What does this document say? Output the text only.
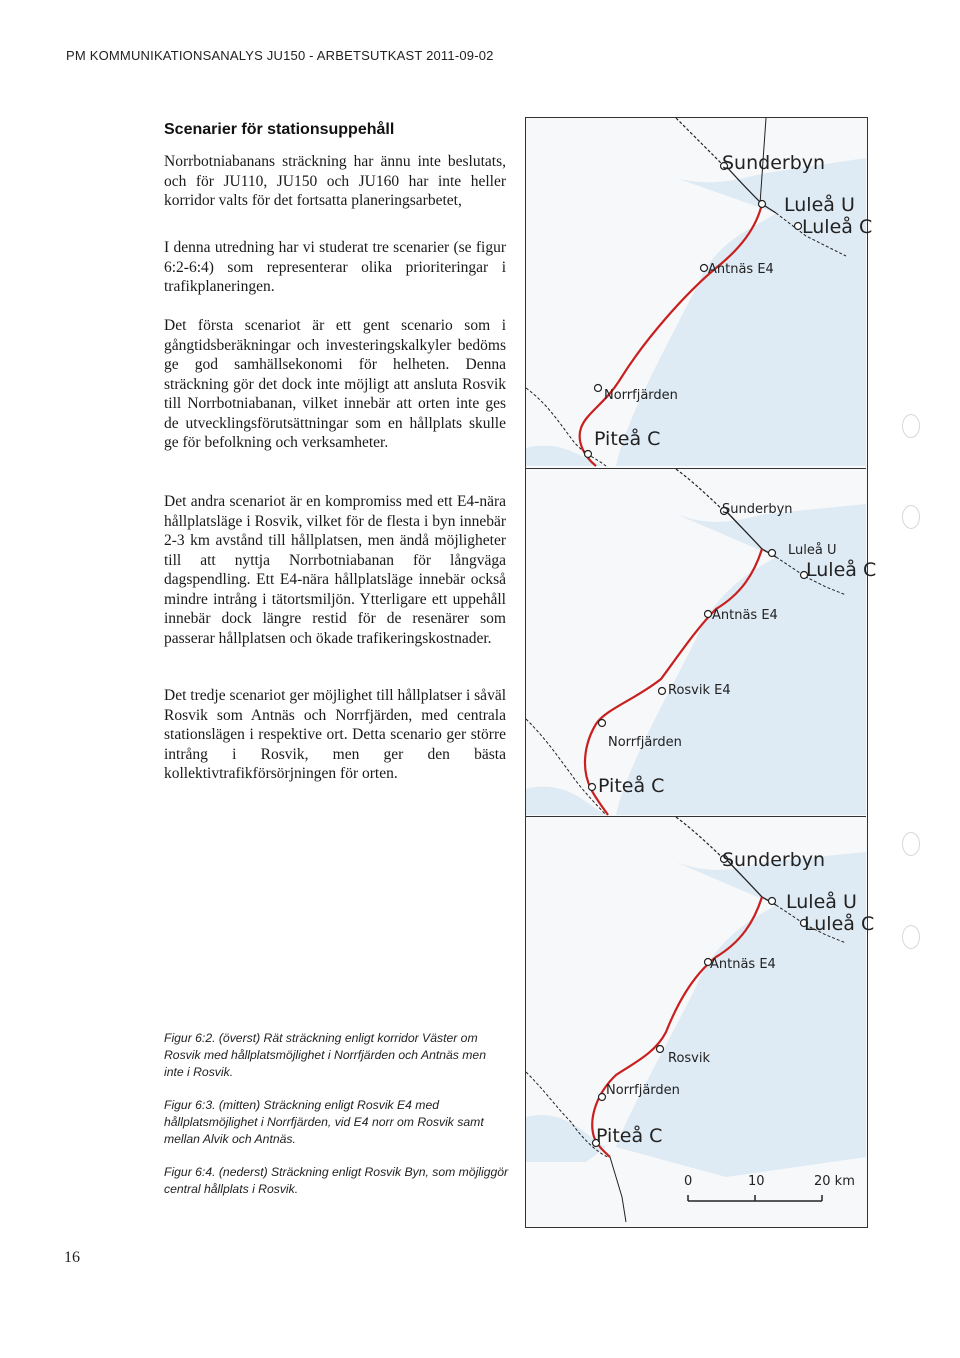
PM KOMMUNIKATIONSANALYS JU150 - ARBETSUTKAST 2011-09-02
Scenarier för stationsuppehåll

Norrbotniabanans sträckning har ännu inte beslutats, och för JU110, JU150 och JU160 har inte heller korridor valts för det fortsatta planeringsarbetet,

I denna utredning har vi studerat tre scenarier (se figur 6:2-6:4) som representerar olika prioriteringar i trafikplaneringen.

Det första scenariot är ett gent scenario som i gångtidsberäkningar och investeringskalkyler bedöms ge god samhällsekonomi för helheten. Denna sträckning gör det dock inte möjligt att ansluta Rosvik till Norrbotniabanan, vilket innebär att orten inte ges de utvecklingsförutsättningar som en hållplats skulle ge för befolkning och verksamheter.

Det andra scenariot är en kompromiss med ett E4-nära hållplatsläge i Rosvik, vilket för de flesta i byn innebär 2-3 km avstånd till hållplatsen, men ändå möjligheter till att nyttja Norrbotniabanan för långväga dagspendling. Ett E4-nära hållplatsläge innebär också mindre intrång i tätortsmiljön. Ytterligare ett uppehåll innebär dock längre restid för de resenärer som passerar hållplatsen och ökade trafikeringskostnader.

Det tredje scenariot ger möjlighet till hållplatser i såväl Rosvik som Antnäs och Norrfjärden, med centrala stationslägen i respektive ort. Detta scenario ger större intrång i Rosvik, men ger den bästa kollektivtrafikförsörjningen för orten.

Figur 6:2. (överst) Rät sträckning enligt korridor Väster om Rosvik med hållplatsmöjlighet i Norrfjärden och Antnäs men inte i Rosvik.

Figur 6:3. (mitten) Sträckning enligt Rosvik E4 med hållplatsmöjlighet i Norrfjärden, vid E4 norr om Rosvik samt mellan Alvik och Antnäs.

Figur 6:4. (nederst) Sträckning enligt Rosvik Byn, som möjliggör central hållplats i Rosvik.

16
Sunderbyn
Luleå U
Luleå C
Antnäs E4
Norrfjärden
Piteå C
Sunderbyn
Luleå U
Luleå C
Antnäs E4
Rosvik E4
Norrfjärden
Piteå C
Sunderbyn
Luleå U
Luleå C
Antnäs E4
Rosvik
Norrfjärden
Piteå C
0	10	20 km
